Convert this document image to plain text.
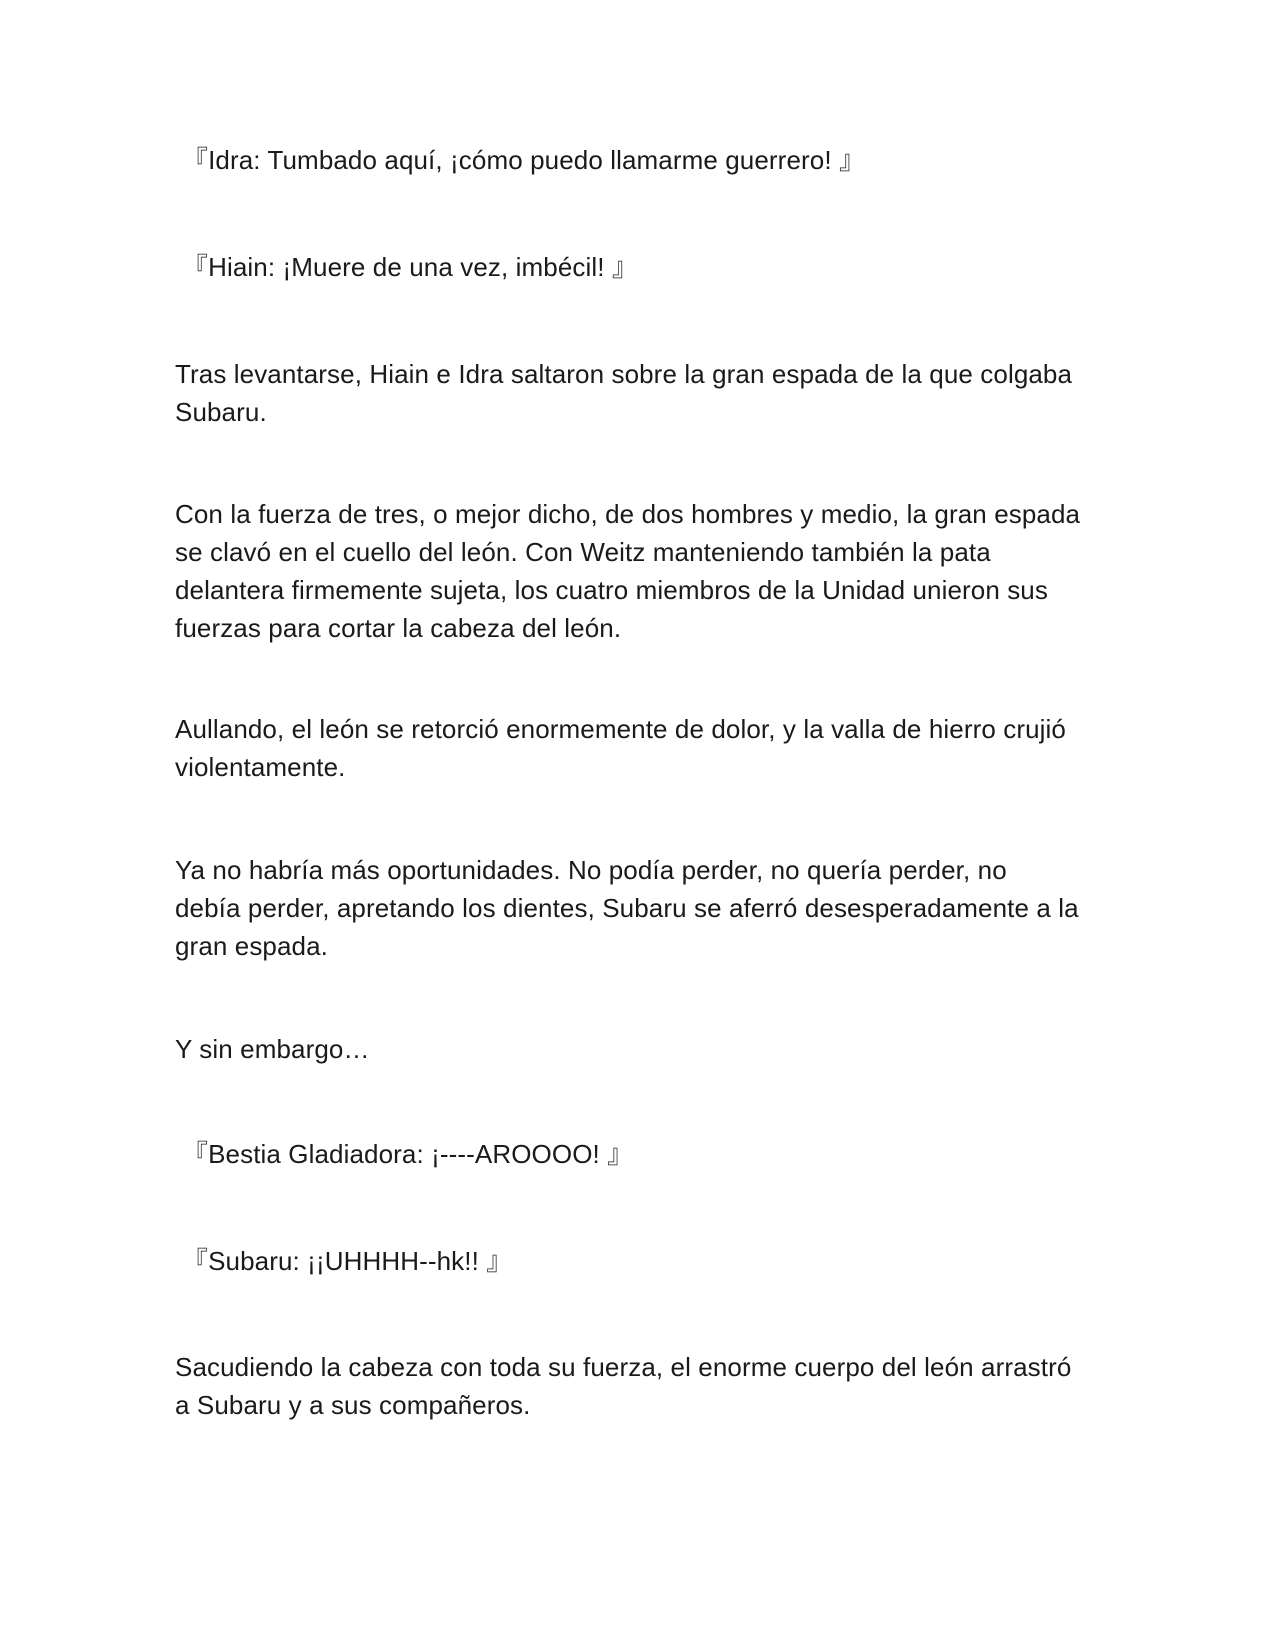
『Idra: Tumbado aquí, ¡cómo puedo llamarme guerrero! 』

『Hiain: ¡Muere de una vez, imbécil! 』

Tras levantarse, Hiain e Idra saltaron sobre la gran espada de la que colgaba
Subaru.

Con la fuerza de tres, o mejor dicho, de dos hombres y medio, la gran espada
se clavó en el cuello del león. Con Weitz manteniendo también la pata
delantera firmemente sujeta, los cuatro miembros de la Unidad unieron sus
fuerzas para cortar la cabeza del león.

Aullando, el león se retorció enormemente de dolor, y la valla de hierro crujió
violentamente.

Ya no habría más oportunidades. No podía perder, no quería perder, no
debía perder, apretando los dientes, Subaru se aferró desesperadamente a la
gran espada.

Y sin embargo…

『Bestia Gladiadora: ¡----AROOOO! 』

『Subaru: ¡¡UHHHH--hk!! 』

Sacudiendo la cabeza con toda su fuerza, el enorme cuerpo del león arrastró
a Subaru y a sus compañeros.
